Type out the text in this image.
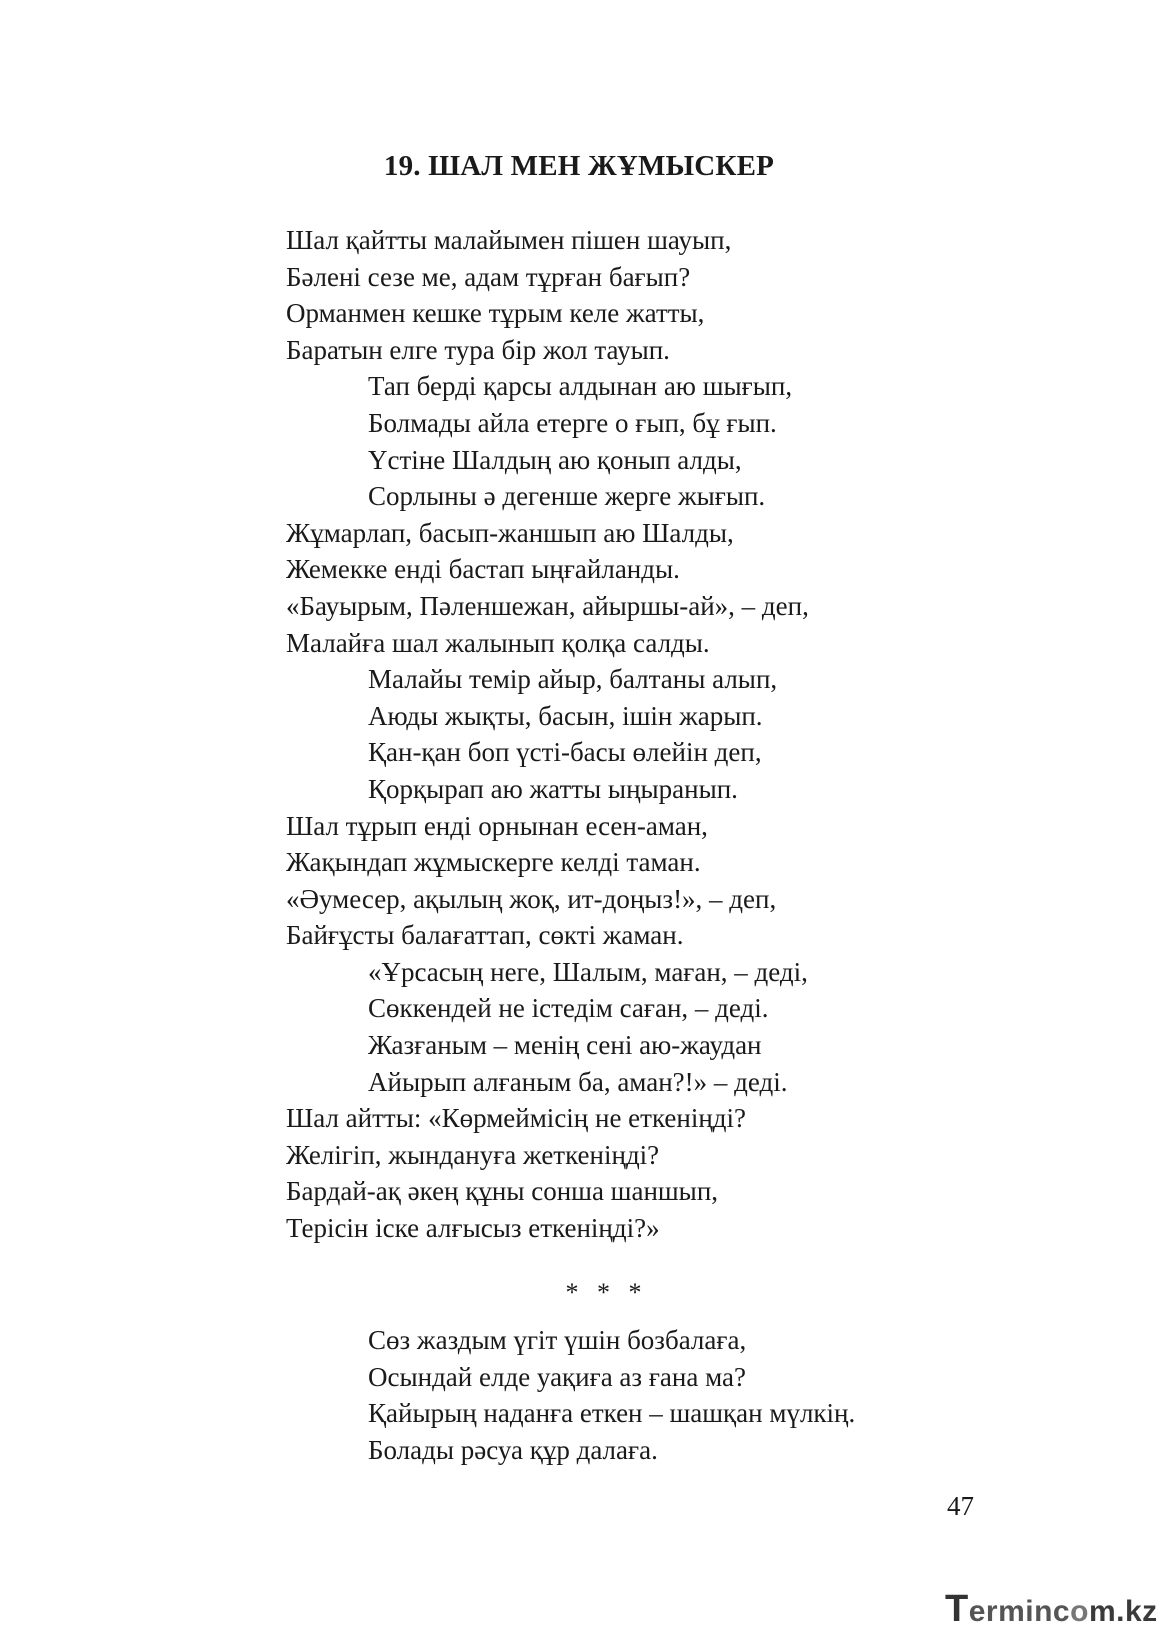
19. ШАЛ МЕН ЖҰМЫСКЕР
Шал қайтты малайымен пішен шауып,
Бәлені сезе ме, адам тұрған бағып?
Орманмен кешке тұрым келе жатты,
Баратын елге тура бір жол тауып.
Тап берді қарсы алдынан аю шығып,
Болмады айла етерге о ғып, бұ ғып.
Үстіне Шалдың аю қонып алды,
Сорлыны ә дегенше жерге жығып.
Жұмарлап, басып-жаншып аю Шалды,
Жемекке енді бастап ыңғайланды.
«Бауырым, Пәленшежан, айыршы-ай», – деп,
Малайға шал жалынып қолқа салды.
Малайы темір айыр, балтаны алып,
Аюды жықты, басын, ішін жарып.
Қан-қан боп үсті-басы өлейін деп,
Қорқырап аю жатты ыңыранып.
Шал тұрып енді орнынан есен-аман,
Жақындап жұмыскерге келді таман.
«Әумесер, ақылың жоқ, ит-доңыз!», – деп,
Байғұсты балағаттап, сөкті жаман.
«Ұрсасың неге, Шалым, маған, – деді,
Сөккендей не істедім саған, – деді.
Жазғаным – менің сені аю-жаудан
Айырып алғаным ба, аман?!» – деді.
Шал айтты: «Көрмеймісің не еткеніңді?
Желігіп, жындануға жеткеніңді?
Бардай-ақ әкең құны сонша шаншып,
Терісін іске алғысыз еткеніңді?»
* * *
Сөз жаздым үгіт үшін бозбалаға,
Осындай елде уақиға аз ғана ма?
Қайырың наданға еткен – шашқан мүлкің.
Болады рәсуа құр далаға.
47
Termincom.kz
